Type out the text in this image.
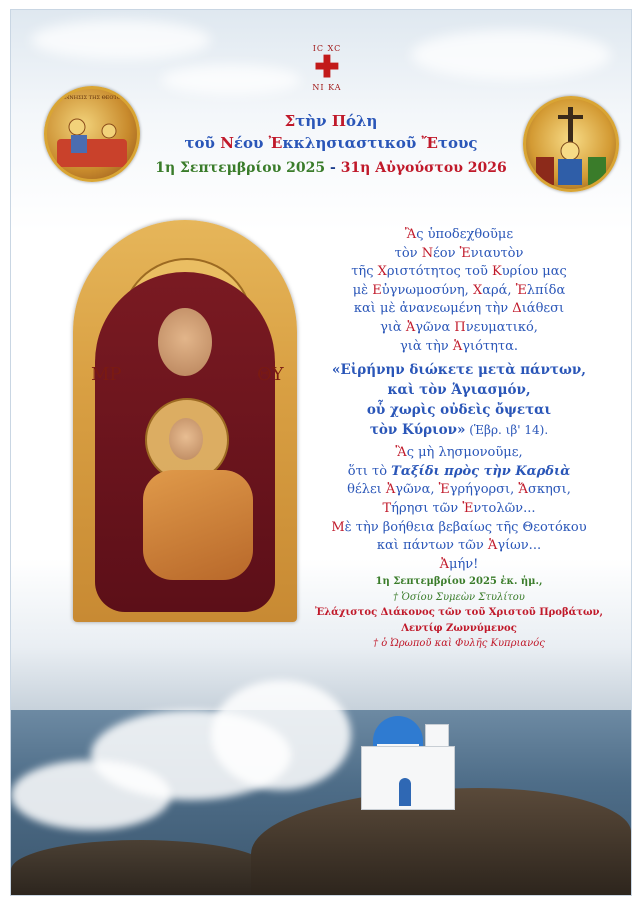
IC XC
✚
NI KA
Η ΓΕΝΝΗΣΙΣ ΤΗΣ ΘΕΟΤΟΚΟΥ
Στὴν Πόλη
τοῦ Νέου Ἐκκλησιαστικοῦ Ἔτους
1η Σεπτεμβρίου 2025 - 31η Αὐγούστου 2026
ΜΡ	ΘΥ

Ἂς ὑποδεχθοῦμε

τὸν Νέον Ἐνιαυτὸν

τῆς Χριστότητος τοῦ Κυρίου μας

μὲ Εὐγνωμοσύνη, Χαρά, Ἐλπίδα

καὶ μὲ ἀνανεωμένη τὴν Διάθεσι

γιὰ Ἀγῶνα Πνευματικό,

γιὰ τὴν Ἁγιότητα.

«Εἰρήνην διώκετε μετὰ πάντων,

καὶ τὸν Ἁγιασμόν,

οὗ χωρὶς οὐδεὶς ὄψεται

τὸν Κύριον» (Ἑβρ. ιβ' 14).

Ἂς μὴ λησμονοῦμε,

ὅτι τὸ Ταξίδι πρὸς τὴν Καρδιὰ

θέλει Ἀγῶνα, Ἐγρήγορσι, Ἄσκησι,

Τήρησι τῶν Ἐντολῶν...

Μὲ τὴν βοήθεια βεβαίως τῆς Θεοτόκου

καὶ πάντων τῶν Ἁγίων...

Ἀμήν!

1η Σεπτεμβρίου 2025 ἐκ. ἡμ.,
† Ὁσίου Συμεὼν Στυλίτου
Ἐλάχιστος Διάκονος τῶν τοῦ Χριστοῦ Προβάτων,
Λεντίφ Ζωννύμενος
† ὁ Ὠρωποῦ καὶ Φυλῆς Κυπριανός
